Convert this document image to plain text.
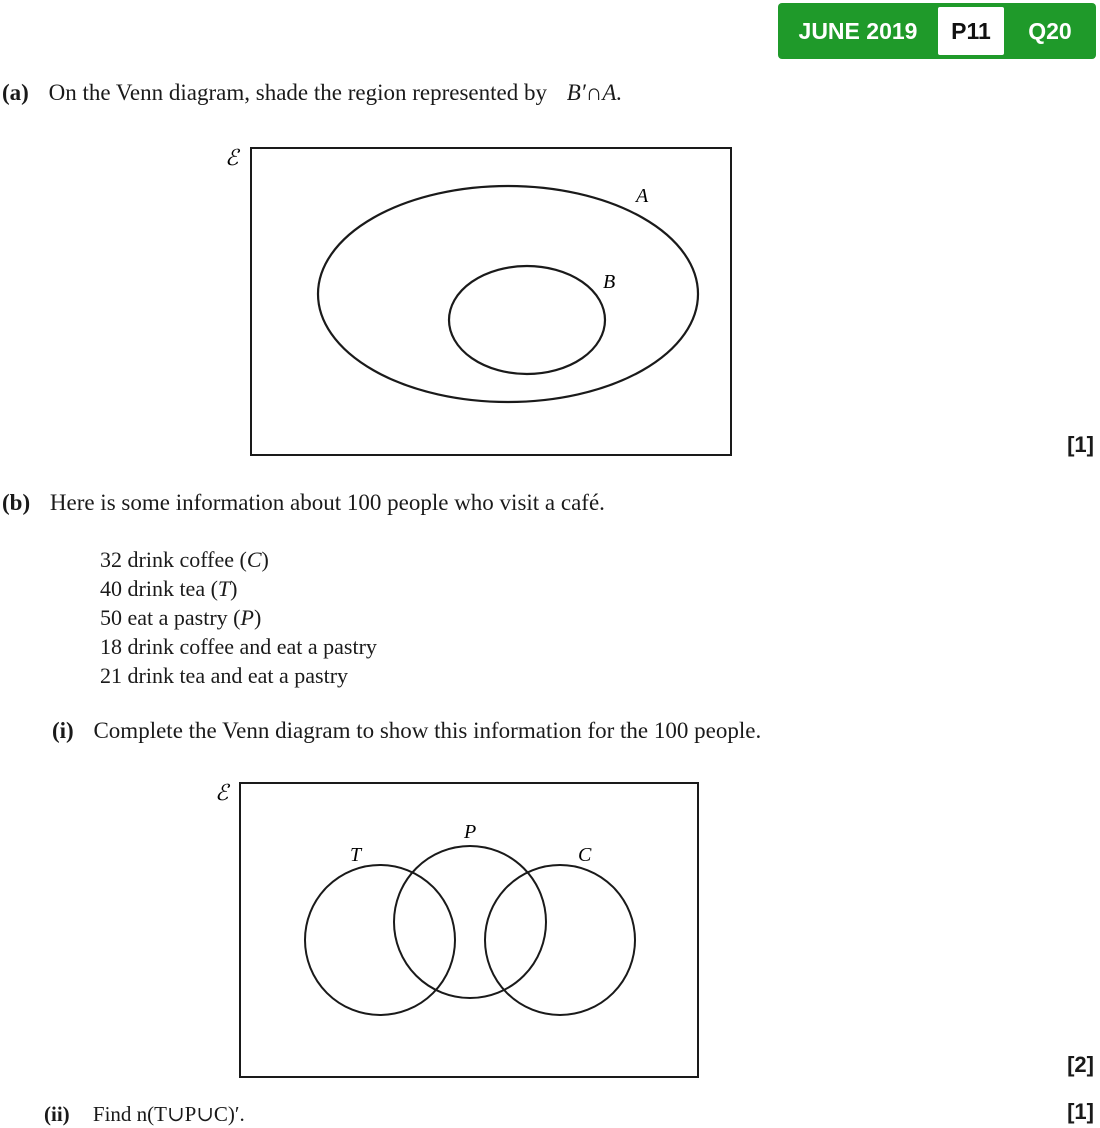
JUNE 2019	P11	Q20
(a) On the Venn diagram, shade the region represented by B′∩A.
ℰ
A
B
[1]
(b) Here is some information about 100 people who visit a café.
32 drink coffee (C)
40 drink tea (T)
50 eat a pastry (P)
18 drink coffee and eat a pastry
21 drink tea and eat a pastry
(i) Complete the Venn diagram to show this information for the 100 people.
ℰ
T
P
C
[2]
(ii) Find n(T∪P∪C)′.	[1]
